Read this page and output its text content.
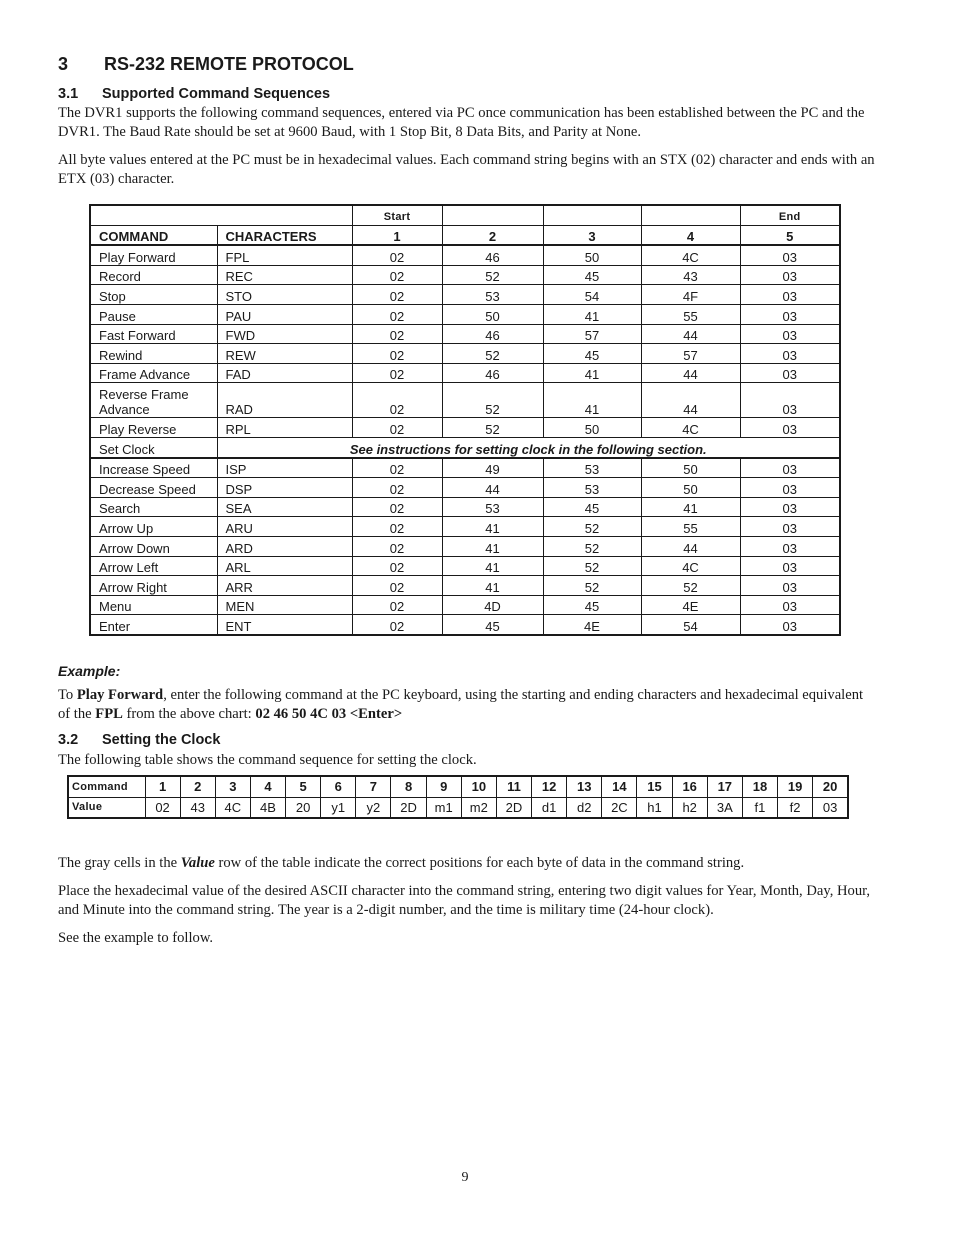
3 RS-232 REMOTE PROTOCOL
3.1 Supported Command Sequences
The DVR1 supports the following command sequences, entered via PC once communication has been established between the PC and the DVR1. The Baud Rate should be set at 9600 Baud, with 1 Stop Bit, 8 Data Bits, and Parity at None.
All byte values entered at the PC must be in hexadecimal values. Each command string begins with an STX (02) character and ends with an ETX (03) character.
		Start				End
COMMAND	CHARACTERS	1	2	3	4	5
Play Forward	FPL	02	46	50	4C	03
Record	REC	02	52	45	43	03
Stop	STO	02	53	54	4F	03
Pause	PAU	02	50	41	55	03
Fast Forward	FWD	02	46	57	44	03
Rewind	REW	02	52	45	57	03
Frame Advance	FAD	02	46	41	44	03
Reverse Frame Advance	RAD	02	52	41	44	03
Play Reverse	RPL	02	52	50	4C	03
Set Clock	See instructions for setting clock in the following section.					
Increase Speed	ISP	02	49	53	50	03
Decrease Speed	DSP	02	44	53	50	03
Search	SEA	02	53	45	41	03
Arrow Up	ARU	02	41	52	55	03
Arrow Down	ARD	02	41	52	44	03
Arrow Left	ARL	02	41	52	4C	03
Arrow Right	ARR	02	41	52	52	03
Menu	MEN	02	4D	45	4E	03
Enter	ENT	02	45	4E	54	03
Example:
To Play Forward, enter the following command at the PC keyboard, using the starting and ending characters and hexadecimal equivalent of the FPL from the above chart: 02 46 50 4C 03 <Enter>
3.2 Setting the Clock
The following table shows the command sequence for setting the clock.
Command	1	2	3	4	5	6	7	8	9	10	11	12	13	14	15	16	17	18	19	20
Value	02	43	4C	4B	20	y1	y2	2D	m1	m2	2D	d1	d2	2C	h1	h2	3A	f1	f2	03
The gray cells in the Value row of the table indicate the correct positions for each byte of data in the command string.
Place the hexadecimal value of the desired ASCII character into the command string, entering two digit values for Year, Month, Day, Hour, and Minute into the command string. The year is a 2-digit number, and the time is military time (24-hour clock).
See the example to follow.
9
